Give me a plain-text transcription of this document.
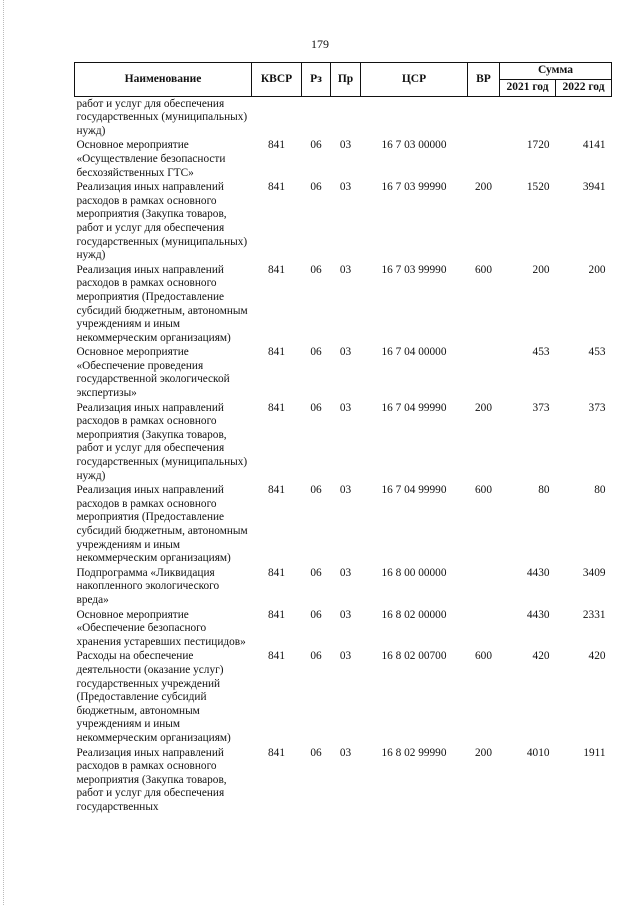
179
Наименование	КВСР	Рз	Пр	ЦСР	ВР	Сумма	
						2021 год	2022 год
работ и услуг для обеспечения государственных (муниципальных) нужд)							
Основное мероприятие «Осуществление безопасности бесхозяйственных ГТС»	841	06	03	16 7 03 00000		1720	4141
Реализация иных направлений расходов в рамках основного мероприятия (Закупка товаров, работ и услуг для обеспечения государственных (муниципальных) нужд)	841	06	03	16 7 03 99990	200	1520	3941
Реализация иных направлений расходов в рамках основного мероприятия (Предоставление субсидий бюджетным, автономным учреждениям и иным некоммерческим организациям)	841	06	03	16 7 03 99990	600	200	200
Основное мероприятие «Обеспечение проведения государственной экологической экспертизы»	841	06	03	16 7 04 00000		453	453
Реализация иных направлений расходов в рамках основного мероприятия (Закупка товаров, работ и услуг для обеспечения государственных (муниципальных) нужд)	841	06	03	16 7 04 99990	200	373	373
Реализация иных направлений расходов в рамках основного мероприятия (Предоставление субсидий бюджетным, автономным учреждениям и иным некоммерческим организациям)	841	06	03	16 7 04 99990	600	80	80
Подпрограмма «Ликвидация накопленного экологического вреда»	841	06	03	16 8 00 00000		4430	3409
Основное мероприятие «Обеспечение безопасного хранения устаревших пестицидов»	841	06	03	16 8 02 00000		4430	2331
Расходы на обеспечение деятельности (оказание услуг) государственных учреждений (Предоставление субсидий бюджетным, автономным учреждениям и иным некоммерческим организациям)	841	06	03	16 8 02 00700	600	420	420
Реализация иных направлений расходов в рамках основного мероприятия (Закупка товаров, работ и услуг для обеспечения государственных	841	06	03	16 8 02 99990	200	4010	1911
